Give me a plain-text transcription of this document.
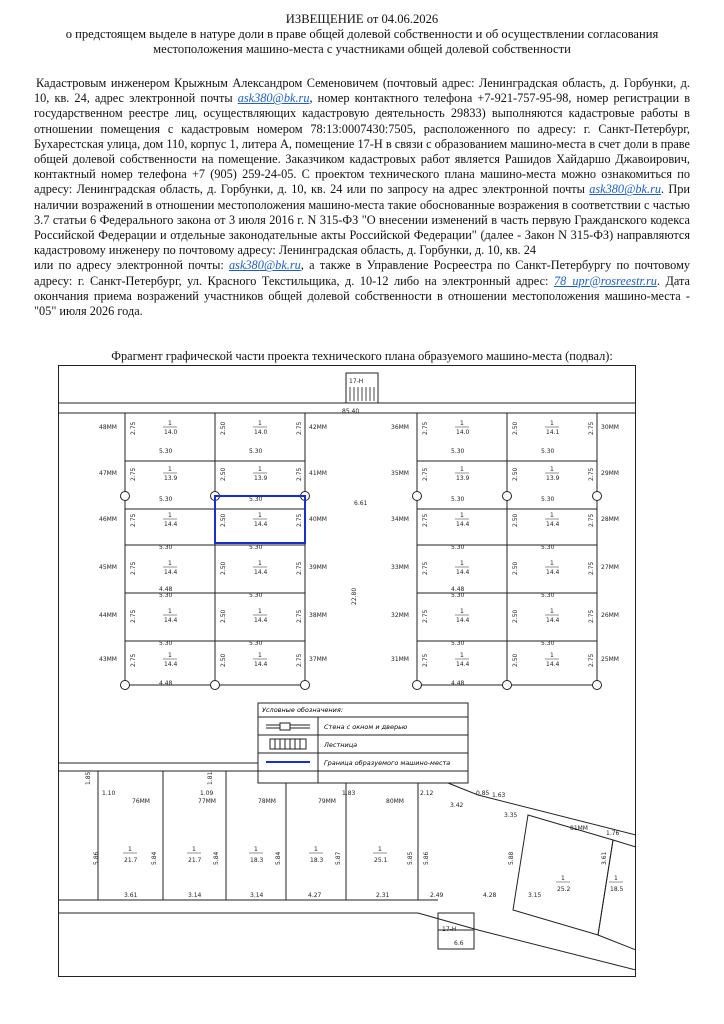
ИЗВЕЩЕНИЕ от 04.06.2026
о предстоящем выделе в натуре доли в праве общей долевой собственности и об осуществлении согласования
местоположения машино-места с участниками общей долевой собственности

Кадастровым инженером Крыжным Александром Семеновичем (почтовый адрес: Ленинградская область, д. Горбунки, д. 10, кв. 24, адрес электронной почты ask380@bk.ru, номер контактного телефона +7-921-757-95-98, номер регистрации в государственном реестре лиц, осуществляющих кадастровую деятельность 29833) выполняются кадастровые работы в отношении помещения с кадастровым номером 78:13:0007430:7505, расположенного по адресу: г. Санкт-Петербург, Бухарестская улица, дом 110, корпус 1, литера А, помещение 17-Н в связи с образованием машино-места в счет доли в праве общей долевой собственности на помещение. Заказчиком кадастровых работ является Рашидов Хайдаршо Джавоирович, контактный номер телефона +7 (905) 259-24-05. С проектом технического плана машино-места можно ознакомиться по адресу: Ленинградская область, д. Горбунки, д. 10, кв. 24 или по запросу на адрес электронной почты ask380@bk.ru. При наличии возражений в отношении местоположения машино-места такие обоснованные возражения в соответствии с частью 3.7 статьи 6 Федерального закона от 3 июля 2016 г. N 315-ФЗ "О внесении изменений в часть первую Гражданского кодекса Российской Федерации и отдельные законодательные акты Российской Федерации" (далее - Закон N 315-ФЗ) направляются кадастровому инженеру по почтовому адресу: Ленинградская область, д. Горбунки, д. 10, кв. 24

или по адресу электронной почты: ask380@bk.ru, а также в Управление Росреестра по Санкт-Петербургу по почтовому адресу: г. Санкт-Петербург, ул. Красного Текстильщика, д. 10-12 либо на электронный адрес: 78_upr@rosreestr.ru. Дата окончания приема возражений участников общей долевой собственности в отношении местоположения машино-места - "05" июля 2026 года.

Фрагмент графической части проекта технического плана образуемого машино-места (подвал):
17-Н
85.40
6.61
22.80
17-Н
6.6
48ММ	42ММ
1
14.0
1
14.0
2.75	2.50	2.75
47ММ	41ММ
1
13.9
1
13.9
2.75	2.50	2.75
46ММ	40ММ
1
14.4
1
14.4
2.75	2.50	2.75
45ММ	39ММ
1
14.4
1
14.4
2.75	2.50	2.75
44ММ	38ММ
1
14.4
1
14.4
2.75	2.50	2.75
43ММ	37ММ
1
14.4
1
14.4
2.75	2.50	2.75
5.30	5.30
5.30	5.30
5.30	5.30
5.30	5.30
5.30	5.30
4.48
4.48
36ММ	30ММ
1
14.0
1
14.1
2.75	2.50	2.75
35ММ	29ММ
1
13.9
1
13.9
2.75	2.50	2.75
34ММ	28ММ
1
14.4
1
14.4
2.75	2.50	2.75
33ММ	27ММ
1
14.4
1
14.4
2.75	2.50	2.75
32ММ	26ММ
1
14.4
1
14.4
2.75	2.50	2.75
31ММ	25ММ
1
14.4
1
14.4
2.75	2.50	2.75
5.30	5.30
5.30	5.30
5.30	5.30
5.30	5.30
5.30	5.30
4.48
4.48
76ММ	77ММ	78ММ	79ММ	80ММ
81ММ
1
21.7
1
21.7
1
18.3
1
18.3
1
25.1
1
25.2
1
18.5
1.85	1.81
1.10	1.09	1.83	2.12	0.85 1.63
3.42
3.35
1.76
5.86	5.84	5.84	5.84	5.87	5.85 5.86	5.88	3.61
3.61	3.14	3.14	4.27	2.31	2.49	4.28	3.15
Условные обозначения:
Стена с окном и дверью
Лестница
Граница образуемого машино-места
